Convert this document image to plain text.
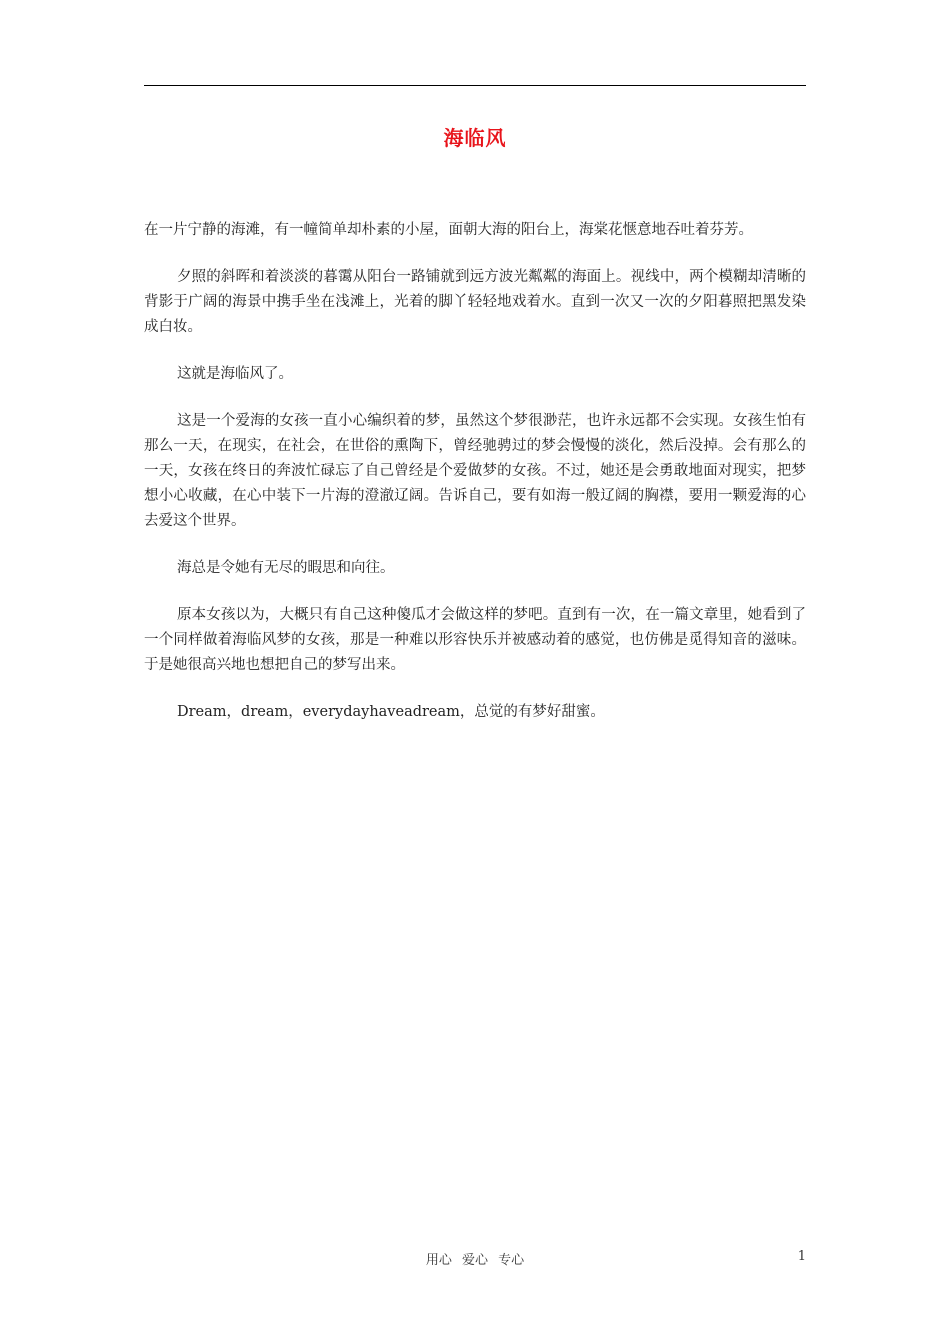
海临风

在一片宁静的海滩，有一幢简单却朴素的小屋，面朝大海的阳台上，海棠花惬意地吞吐着芬芳。

夕照的斜晖和着淡淡的暮霭从阳台一路铺就到远方波光粼粼的海面上。视线中，两个模糊却清晰的背影于广阔的海景中携手坐在浅滩上，光着的脚丫轻轻地戏着水。直到一次又一次的夕阳暮照把黑发染成白妆。

这就是海临风了。

这是一个爱海的女孩一直小心编织着的梦，虽然这个梦很渺茫，也许永远都不会实现。女孩生怕有那么一天，在现实，在社会，在世俗的熏陶下，曾经驰骋过的梦会慢慢的淡化，然后没掉。会有那么的一天，女孩在终日的奔波忙碌忘了自己曾经是个爱做梦的女孩。不过，她还是会勇敢地面对现实，把梦想小心收藏，在心中装下一片海的澄澈辽阔。告诉自己，要有如海一般辽阔的胸襟，要用一颗爱海的心去爱这个世界。

海总是令她有无尽的暇思和向往。

原本女孩以为，大概只有自己这种傻瓜才会做这样的梦吧。直到有一次，在一篇文章里，她看到了一个同样做着海临风梦的女孩，那是一种难以形容快乐并被感动着的感觉，也仿佛是觅得知音的滋味。于是她很高兴地也想把自己的梦写出来。

Dream，dream，everydayhaveadream，总觉的有梦好甜蜜。

用心 爱心 专心	1
